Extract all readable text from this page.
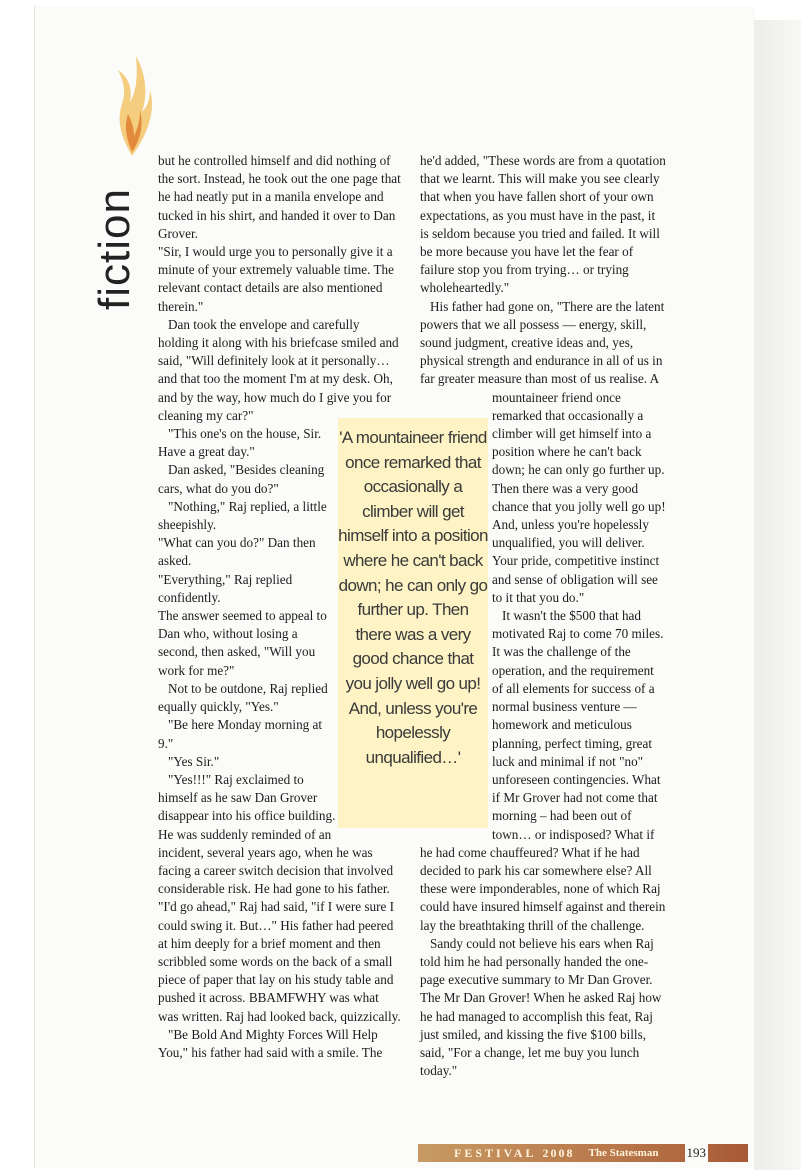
fiction

but he controlled himself and did nothing of the sort. Instead, he took out the one page that he had neatly put in a manila envelope and tucked in his shirt, and handed it over to Dan Grover.

"Sir, I would urge you to personally give it a minute of your extremely valuable time. The relevant contact details are also mentioned therein."

Dan took the envelope and carefully holding it along with his briefcase smiled and said, "Will definitely look at it personally… and that too the moment I'm at my desk. Oh, and by the way, how much do I give you for cleaning my car?"

"This one's on the house, Sir. Have a great day."

Dan asked, "Besides cleaning cars, what do you do?"

"Nothing," Raj replied, a little sheepishly.

"What can you do?" Dan then asked.

"Everything," Raj replied confidently.

The answer seemed to appeal to Dan who, without losing a second, then asked, "Will you work for me?"

Not to be outdone, Raj replied equally quickly, "Yes."

"Be here Monday morning at 9."

"Yes Sir."

"Yes!!!" Raj exclaimed to himself as he saw Dan Grover disappear into his office building. He was suddenly reminded of an incident, several years ago, when he was facing a career switch decision that involved considerable risk. He had gone to his father. "I'd go ahead," Raj had said, "if I were sure I could swing it. But…" His father had peered at him deeply for a brief moment and then scribbled some words on the back of a small piece of paper that lay on his study table and pushed it across. BBAMFWHY was what was written. Raj had looked back, quizzically.

"Be Bold And Mighty Forces Will Help You," his father had said with a smile. The

he'd added, "These words are from a quotation that we learnt. This will make you see clearly that when you have fallen short of your own expectations, as you must have in the past, it is seldom because you tried and failed. It will be more because you have let the fear of failure stop you from trying… or trying wholeheartedly."

His father had gone on, "There are the latent powers that we all possess — energy, skill, sound judgment, creative ideas and, yes, physical strength and endurance in all of us in far greater measure than most of us realise. A mountaineer friend once remarked that occasionally a climber will get himself into a position where he can't back down; he can only go further up. Then there was a very good chance that you jolly well go up! And, unless you're hopelessly unqualified, you will deliver. Your pride, competitive instinct and sense of obligation will see to it that you do."

It wasn't the $500 that had motivated Raj to come 70 miles. It was the challenge of the operation, and the requirement of all elements for success of a normal business venture — homework and meticulous planning, perfect timing, great luck and minimal if not "no" unforeseen contingencies. What if Mr Grover had not come that morning – had been out of town… or indisposed? What if he had come chauffeured? What if he had decided to park his car somewhere else? All these were imponderables, none of which Raj could have insured himself against and therein lay the breathtaking thrill of the challenge.

Sandy could not believe his ears when Raj told him he had personally handed the one-page executive summary to Mr Dan Grover. The Mr Dan Grover! When he asked Raj how he had managed to accomplish this feat, Raj just smiled, and kissing the five $100 bills, said, "For a change, let me buy you lunch today."

'A mountaineer friend once remarked that occasionally a climber will get himself into a position where he can't back down; he can only go further up. Then there was a very good chance that you jolly well go up! And, unless you're hopelessly unqualified…'
FESTIVAL 2008 The Statesman 193
